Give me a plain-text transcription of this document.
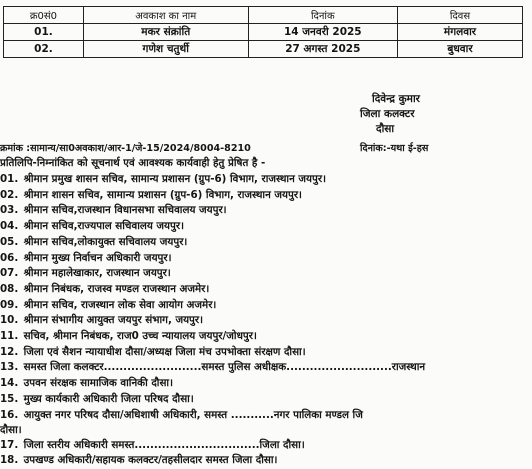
क्र0सं0	अवकाश का नाम	दिनांक	दिवस
01.	मकर संक्रांति	14 जनवरी 2025	मंगलवार
02.	गणेश चतुर्थी	27 अगस्त 2025	बुधवार
दिवेन्द्र कुमार
जिला कलक्टर
दौसा
क्रमांक :सामान्य/सा0अवकाश/आर-1/जे-15/2024/8004-8210	दिनांक:-यथा ई-हस
प्रतिलिपि-निम्नांकित को सूचनार्थ एवं आवश्यक कार्यवाही हेतु प्रेषित है -
01. श्रीमान प्रमुख शासन सचिव, सामान्य प्रशासन (ग्रुप-6) विभाग, राजस्थान जयपुर।
02. श्रीमान शासन सचिव, सामान्य प्रशासन (ग्रुप-6) विभाग, राजस्थान जयपुर।
03. श्रीमान सचिव,राजस्थान विधानसभा सचिवालय जयपुर।
04. श्रीमान सचिव,राज्यपाल सचिवालय जयपुर।
05. श्रीमान सचिव,लोकायुक्त सचिवालय जयपुर।
06. श्रीमान मुख्य निर्वाचन अधिकारी जयपुर।
07. श्रीमान महालेखाकार, राजस्थान जयपुर।
08. श्रीमान निबंधक, राजस्व मण्डल राजस्थान अजमेर।
09. श्रीमान सचिव, राजस्थान लोक सेवा आयोग अजमेर।
10. श्रीमान संभागीय आयुक्त जयपुर संभाग, जयपुर।
11. सचिव, श्रीमान निबंधक, राज0 उच्च न्यायालय जयपुर/जोधपुर।
12. जिला एवं सैशन न्यायाधीश दौसा/अध्यक्ष जिला मंच उपभोक्ता संरक्षण दौसा।
13. समस्त जिला कलक्टर.........................समस्त पुलिस अधीक्षक...........................राजस्थान
14. उपवन संरक्षक सामाजिक वानिकी दौसा।
15. मुख्य कार्यकारी अधिकारी जिला परिषद दौसा।
16. आयुक्त नगर परिषद दौसा/अधिशाषी अधिकारी, समस्त ...........नगर पालिका मण्डल जि
दौसा।
17. जिला स्तरीय अधिकारी समस्त................................जिला दौसा।
18. उपखण्ड अधिकारी/सहायक कलक्टर/तहसीलदार समस्त जिला दौसा।
